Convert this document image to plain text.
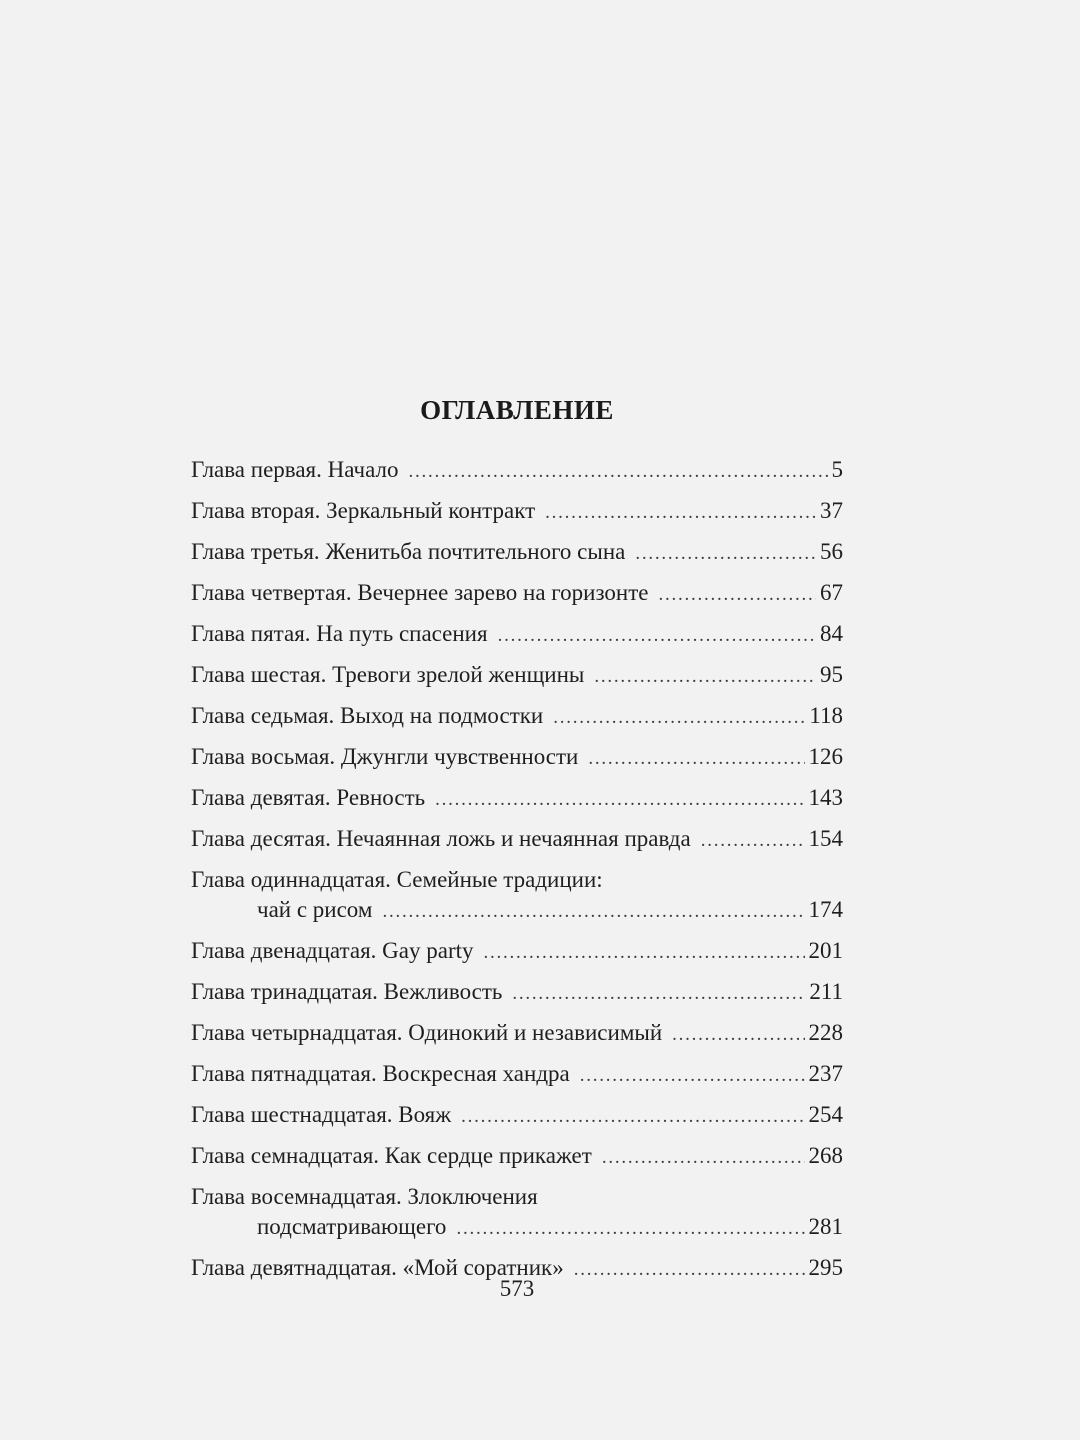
ОГЛАВЛЕНИЕ
Глава первая. Начало . . .	5
Глава вторая. Зеркальный контракт . . .	37
Глава третья. Женитьба почтительного сына . . .	56
Глава четвертая. Вечернее зарево на горизонте . . .	67
Глава пятая. На путь спасения . . .	84
Глава шестая. Тревоги зрелой женщины . . .	95
Глава седьмая. Выход на подмостки . . .	118
Глава восьмая. Джунгли чувственности . . .	126
Глава девятая. Ревность . . .	143
Глава десятая. Нечаянная ложь и нечаянная правда . . .	154
Глава одиннадцатая. Семейные традиции:
чай с рисом . . .	174
Глава двенадцатая. Gay party . . .	201
Глава тринадцатая. Вежливость . . .	211
Глава четырнадцатая. Одинокий и независимый . . .	228
Глава пятнадцатая. Воскресная хандра . . .	237
Глава шестнадцатая. Вояж . . .	254
Глава семнадцатая. Как сердце прикажет . . .	268
Глава восемнадцатая. Злоключения
подсматривающего . . .	281
Глава девятнадцатая. «Мой соратник» . . .	295
573
